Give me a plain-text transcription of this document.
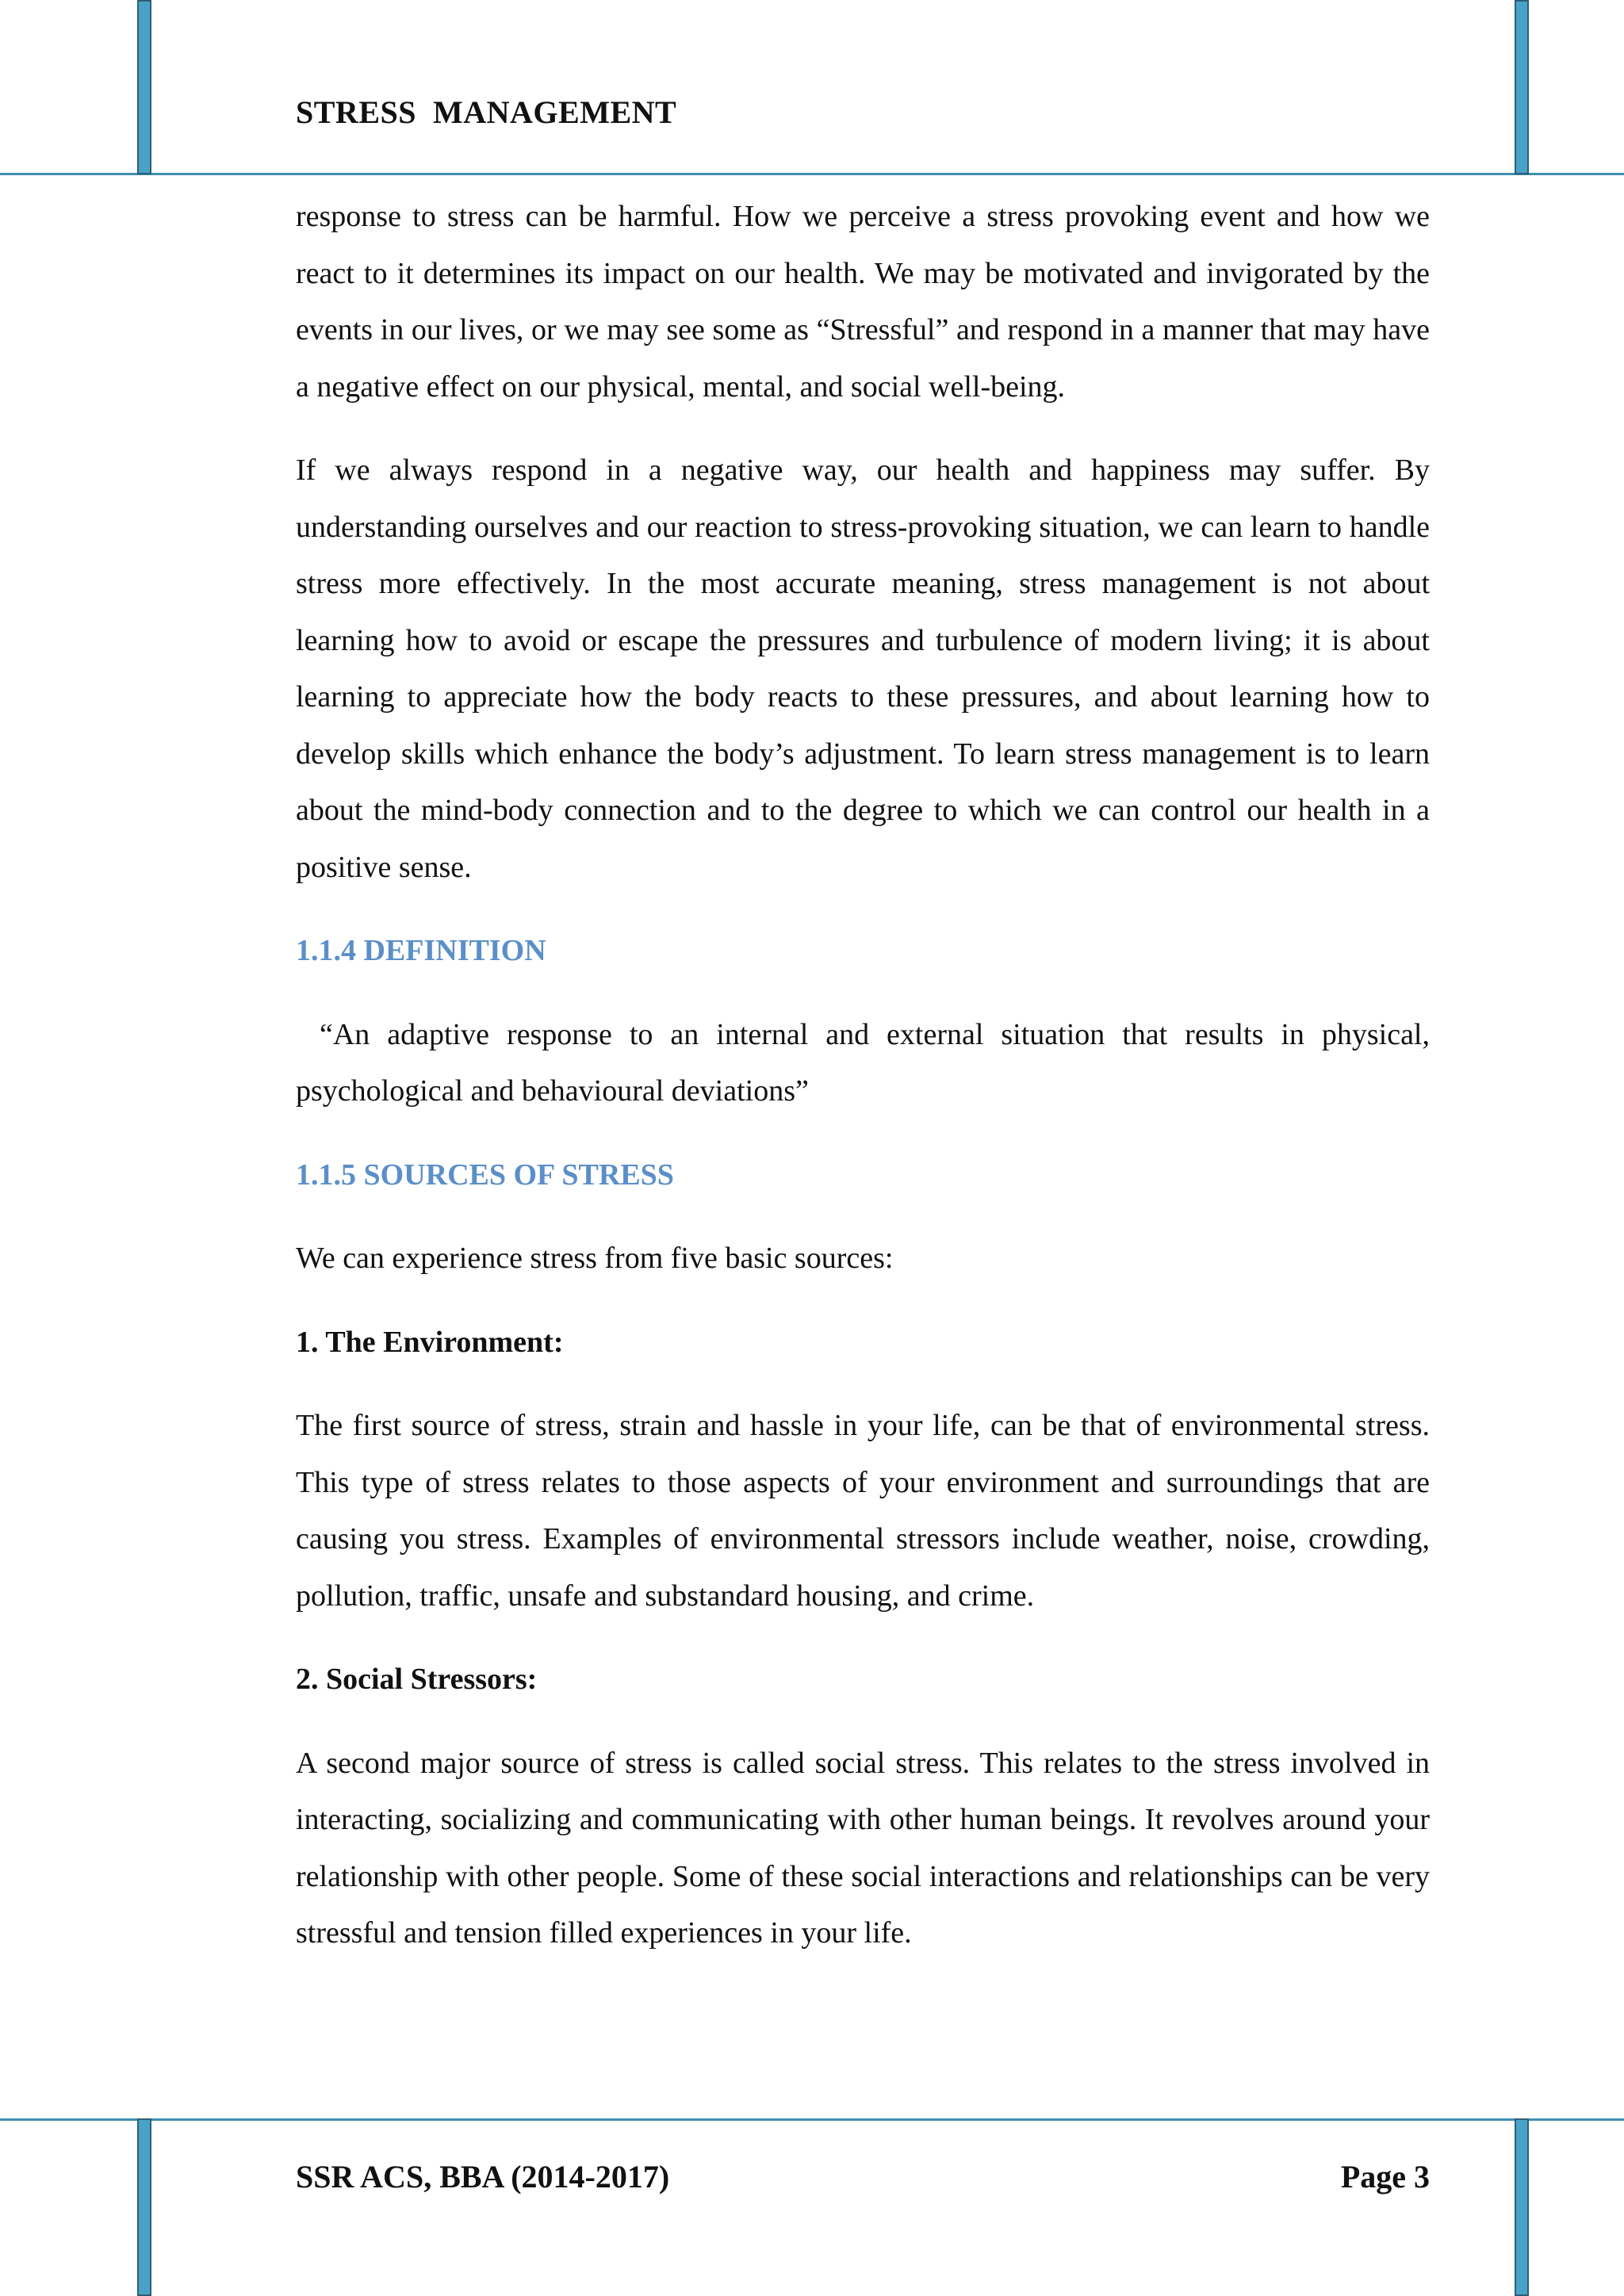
STRESS  MANAGEMENT

response to stress can be harmful. How we perceive a stress provoking event and how we react to it determines its impact on our health. We may be motivated and invigorated by the events in our lives, or we may see some as “Stressful” and respond in a manner that may have a negative effect on our physical, mental, and social well-being.

If we always respond in a negative way, our health and happiness may suffer. By understanding ourselves and our reaction to stress-provoking situation, we can learn to handle stress more effectively. In the most accurate meaning, stress management is not about learning how to avoid or escape the pressures and turbulence of modern living; it is about learning to appreciate how the body reacts to these pressures, and about learning how to develop skills which enhance the body’s adjustment. To learn stress management is to learn about the mind-body connection and to the degree to which we can control our health in a positive sense.

1.1.4 DEFINITION

“An adaptive response to an internal and external situation that results in physical, psychological and behavioural deviations”

1.1.5 SOURCES OF STRESS

We can experience stress from five basic sources:

1. The Environment:

The first source of stress, strain and hassle in your life, can be that of environmental stress. This type of stress relates to those aspects of your environment and surroundings that are causing you stress. Examples of environmental stressors include weather, noise, crowding, pollution, traffic, unsafe and substandard housing, and crime.

2. Social Stressors:

A second major source of stress is called social stress. This relates to the stress involved in interacting, socializing and communicating with other human beings. It revolves around your relationship with other people. Some of these social interactions and relationships can be very stressful and tension filled experiences in your life.

SSR ACS, BBA (2014-2017)	Page 3
